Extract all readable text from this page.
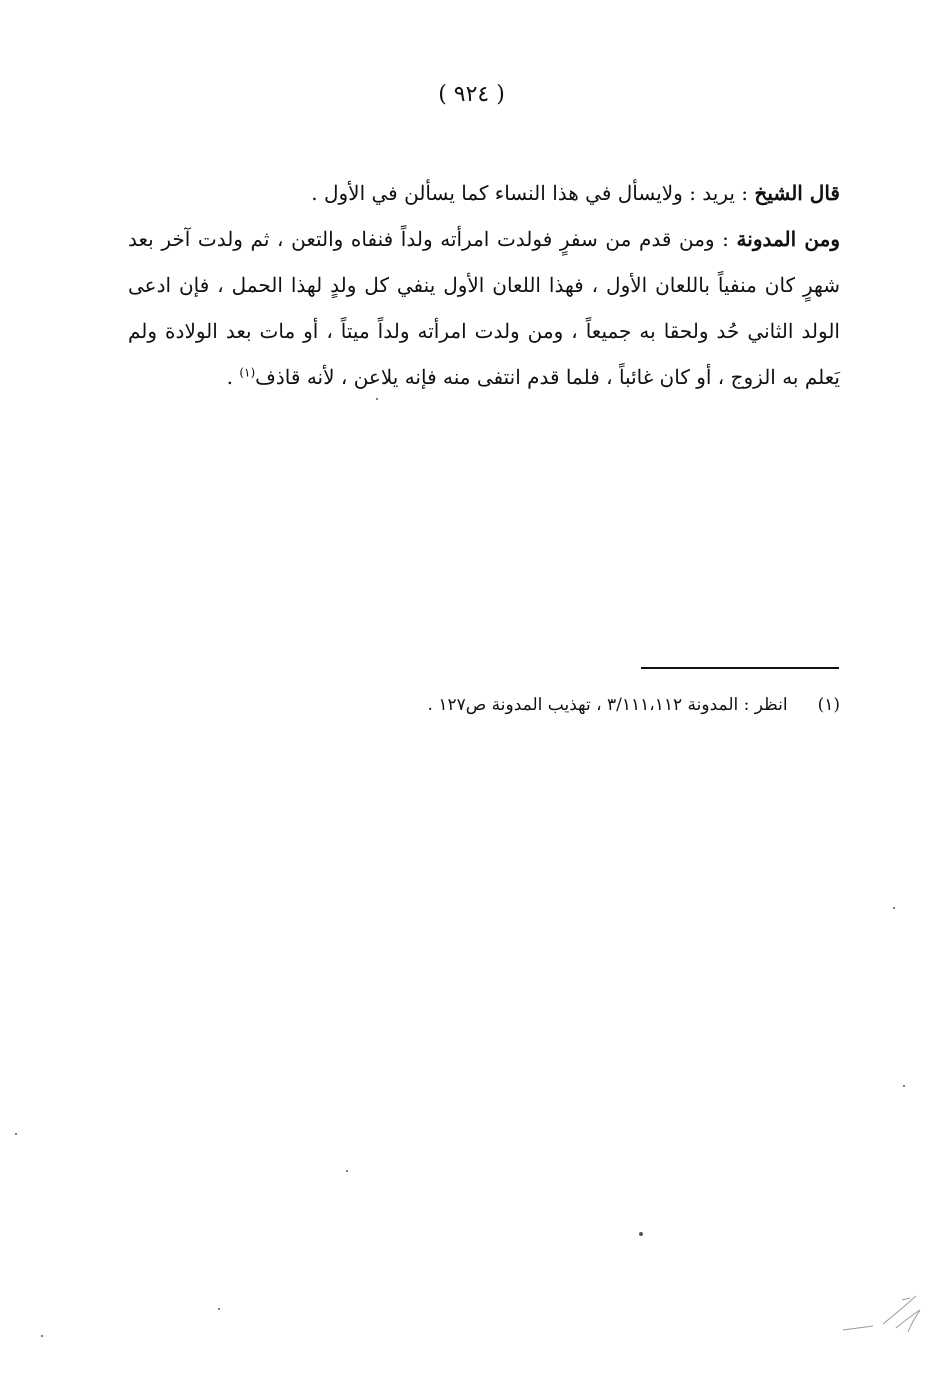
( ٩٢٤ )

قال الشيخ : يريد : ولايسأل في هذا النساء كما يسألن في الأول .

ومن المدونة : ومن قدم من سفرٍ فولدت امرأته ولداً فنفاه والتعن ، ثم ولدت آخر بعد شهرٍ كان منفياً باللعان الأول ، فهذا اللعان الأول ينفي كل ولدٍ لهذا الحمل ، فإن ادعى الولد الثاني حُد ولحقا به جميعاً ، ومن ولدت امرأته ولداً ميتاً ، أو مات بعد الولادة ولم يَعلم به الزوج ، أو كان غائباً ، فلما قدم انتفى منه فإنه يلاعن ، لأنه قاذف$^{(١)}$ .

(١)انظر : المدونة ٣/١١١،١١٢ ، تهذيب المدونة ص١٢٧ .
